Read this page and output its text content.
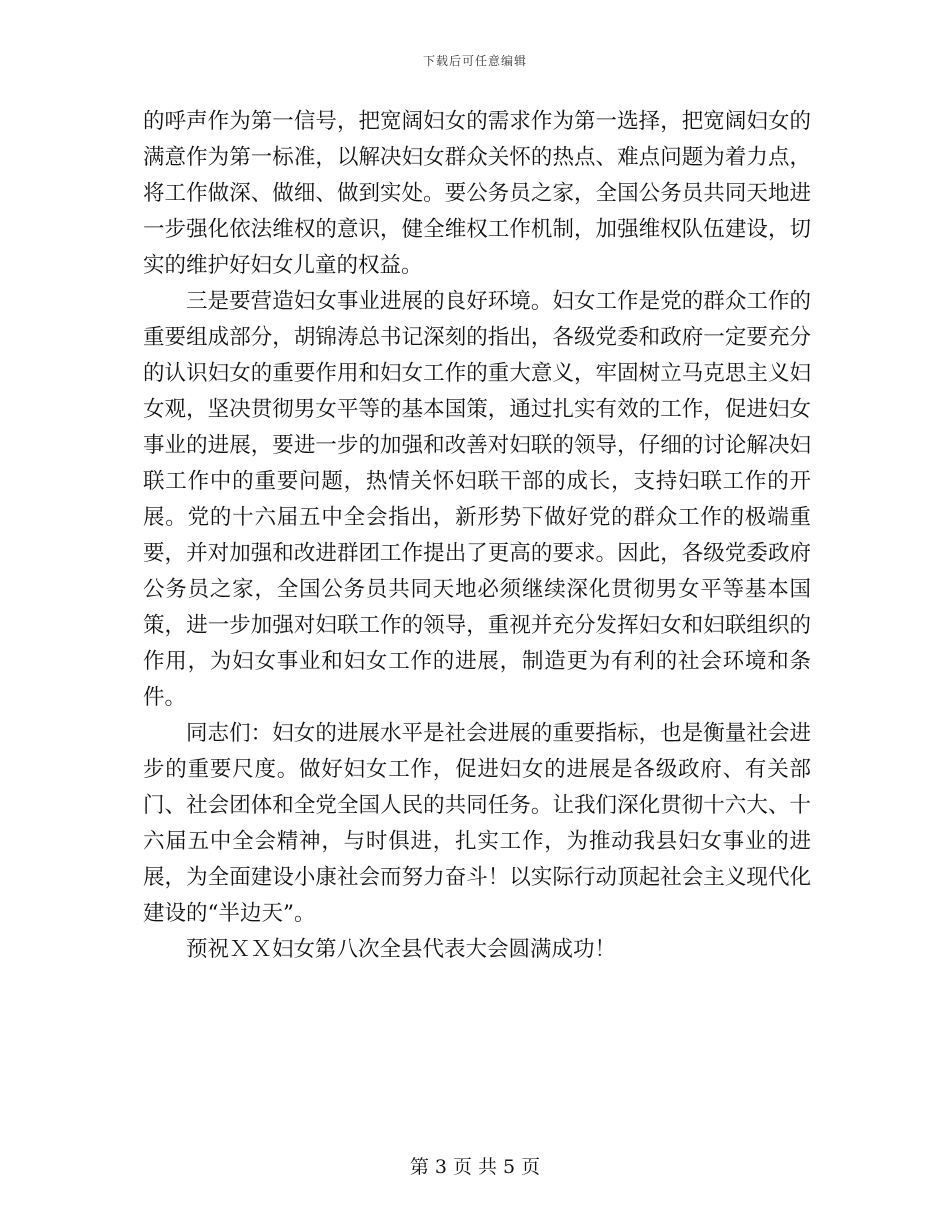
下载后可任意编辑

的呼声作为第一信号，把宽阔妇女的需求作为第一选择，把宽阔妇女的满意作为第一标准，以解决妇女群众关怀的热点、难点问题为着力点，将工作做深、做细、做到实处。要公务员之家，全国公务员共同天地进一步强化依法维权的意识，健全维权工作机制，加强维权队伍建设，切实的维护好妇女儿童的权益。

三是要营造妇女事业进展的良好环境。妇女工作是党的群众工作的重要组成部分，胡锦涛总书记深刻的指出，各级党委和政府一定要充分的认识妇女的重要作用和妇女工作的重大意义，牢固树立马克思主义妇女观，坚决贯彻男女平等的基本国策，通过扎实有效的工作，促进妇女事业的进展，要进一步的加强和改善对妇联的领导，仔细的讨论解决妇联工作中的重要问题，热情关怀妇联干部的成长，支持妇联工作的开展。党的十六届五中全会指出，新形势下做好党的群众工作的极端重要，并对加强和改进群团工作提出了更高的要求。因此，各级党委政府公务员之家，全国公务员共同天地必须继续深化贯彻男女平等基本国策，进一步加强对妇联工作的领导，重视并充分发挥妇女和妇联组织的作用，为妇女事业和妇女工作的进展，制造更为有利的社会环境和条件。

同志们：妇女的进展水平是社会进展的重要指标，也是衡量社会进步的重要尺度。做好妇女工作，促进妇女的进展是各级政府、有关部门、社会团体和全党全国人民的共同任务。让我们深化贯彻十六大、十六届五中全会精神，与时俱进，扎实工作，为推动我县妇女事业的进展，为全面建设小康社会而努力奋斗！以实际行动顶起社会主义现代化建设的“半边天”。

预祝ＸＸ妇女第八次全县代表大会圆满成功！

第 3 页 共 5 页
